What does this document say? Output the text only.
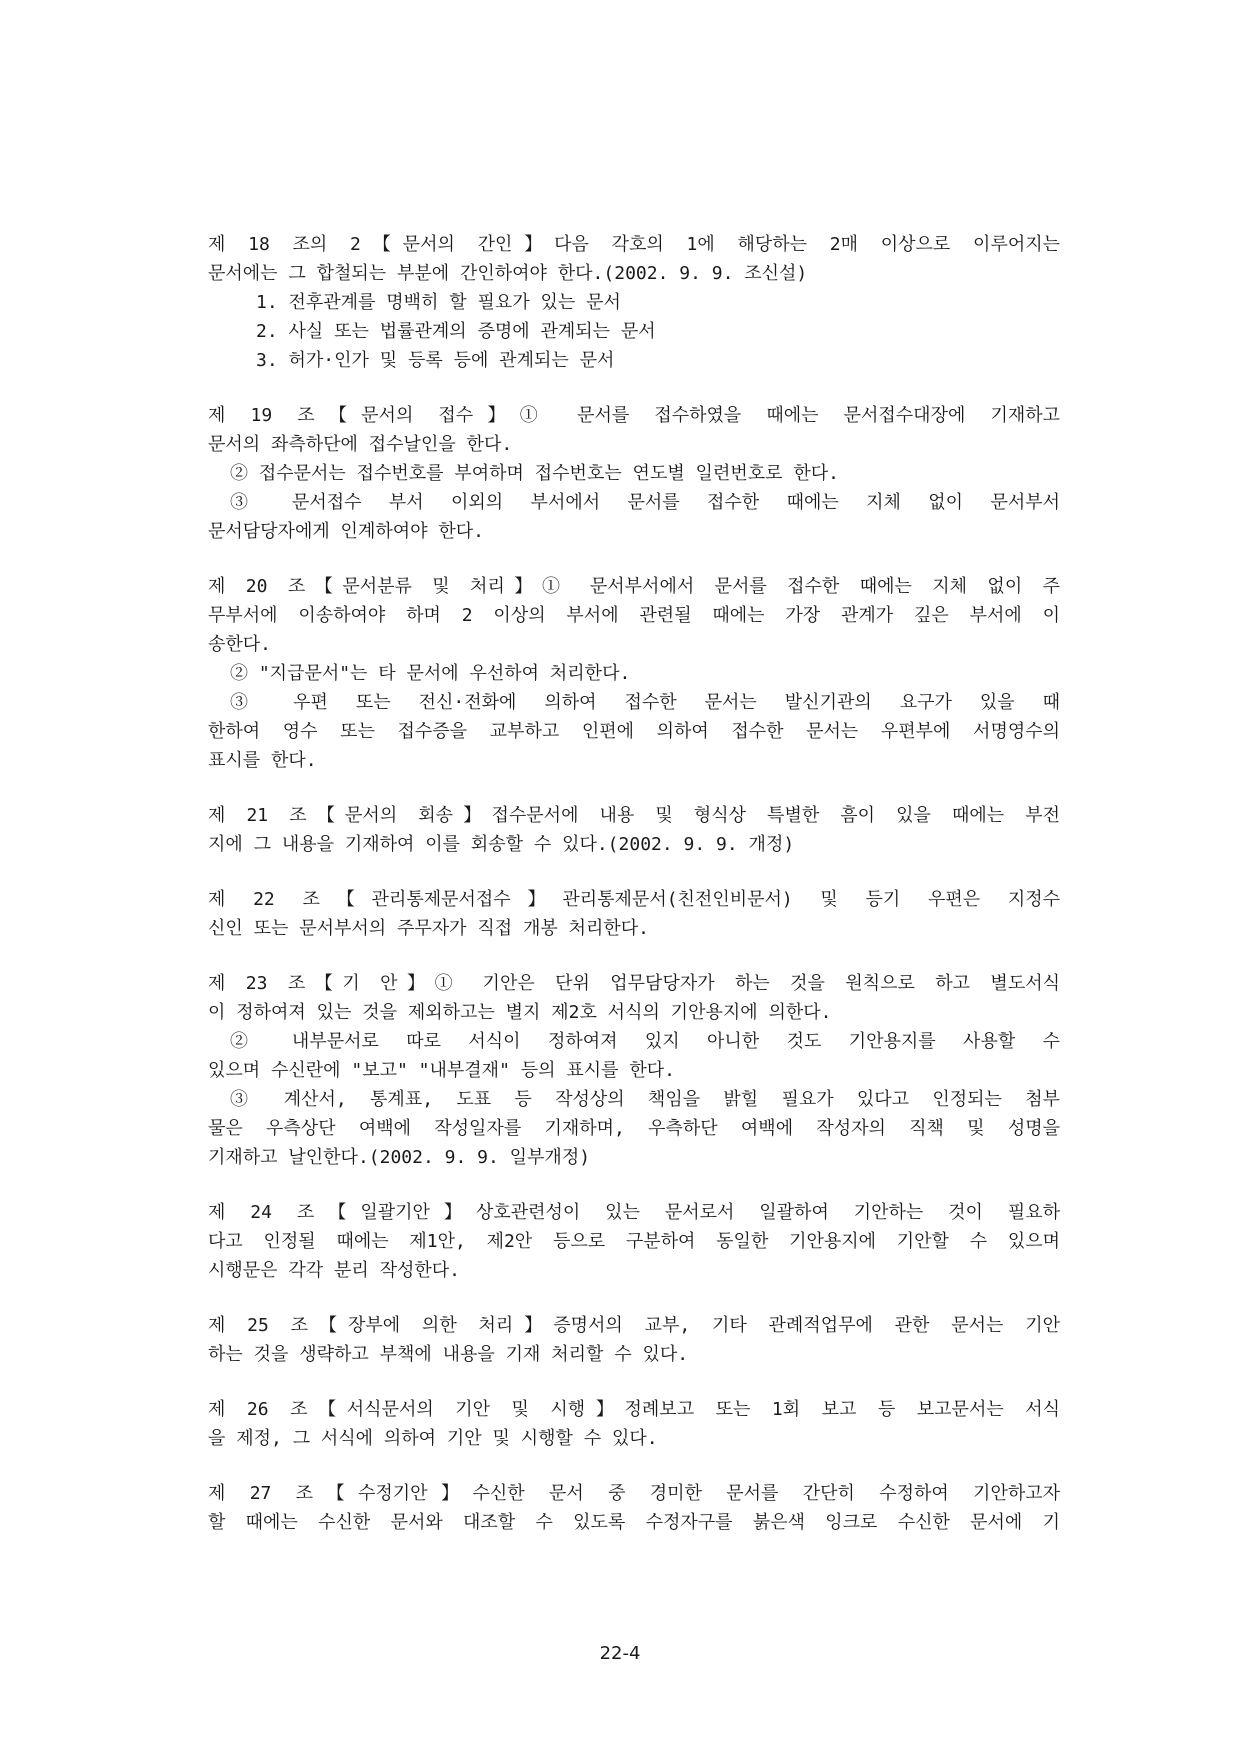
제 18 조의 2【문서의 간인】다음 각호의 1에 해당하는 2매 이상으로 이루어지는
문서에는 그 합철되는 부분에 간인하여야 한다.(2002. 9. 9. 조신설)
1. 전후관계를 명백히 할 필요가 있는 문서
2. 사실 또는 법률관계의 증명에 관계되는 문서
3. 허가·인가 및 등록 등에 관계되는 문서
제 19 조【문서의 접수】① 문서를 접수하였을 때에는 문서접수대장에 기재하고
문서의 좌측하단에 접수날인을 한다.
② 접수문서는 접수번호를 부여하며 접수번호는 연도별 일련번호로 한다.
③ 문서접수 부서 이외의 부서에서 문서를 접수한 때에는 지체 없이 문서부서
문서담당자에게 인계하여야 한다.
제 20 조【문서분류 및 처리】① 문서부서에서 문서를 접수한 때에는 지체 없이 주
무부서에 이송하여야 하며 2 이상의 부서에 관련될 때에는 가장 관계가 깊은 부서에 이
송한다.
② "지급문서"는 타 문서에 우선하여 처리한다.
③ 우편 또는 전신·전화에 의하여 접수한 문서는 발신기관의 요구가 있을 때
한하여 영수 또는 접수증을 교부하고 인편에 의하여 접수한 문서는 우편부에 서명영수의
표시를 한다.
제 21 조【문서의 회송】접수문서에 내용 및 형식상 특별한 흠이 있을 때에는 부전
지에 그 내용을 기재하여 이를 회송할 수 있다.(2002. 9. 9. 개정)
제 22 조【관리통제문서접수】관리통제문서(친전인비문서) 및 등기 우편은 지정수
신인 또는 문서부서의 주무자가 직접 개봉 처리한다.
제 23 조【기 안】① 기안은 단위 업무담당자가 하는 것을 원칙으로 하고 별도서식
이 정하여져 있는 것을 제외하고는 별지 제2호 서식의 기안용지에 의한다.
② 내부문서로 따로 서식이 정하여져 있지 아니한 것도 기안용지를 사용할 수
있으며 수신란에 "보고" "내부결재" 등의 표시를 한다.
③ 계산서, 통계표, 도표 등 작성상의 책임을 밝힐 필요가 있다고 인정되는 첨부
물은 우측상단 여백에 작성일자를 기재하며, 우측하단 여백에 작성자의 직책 및 성명을
기재하고 날인한다.(2002. 9. 9. 일부개정)
제 24 조【일괄기안】상호관련성이 있는 문서로서 일괄하여 기안하는 것이 필요하
다고 인정될 때에는 제1안, 제2안 등으로 구분하여 동일한 기안용지에 기안할 수 있으며
시행문은 각각 분리 작성한다.
제 25 조【장부에 의한 처리】증명서의 교부, 기타 관례적업무에 관한 문서는 기안
하는 것을 생략하고 부책에 내용을 기재 처리할 수 있다.
제 26 조【서식문서의 기안 및 시행】정례보고 또는 1회 보고 등 보고문서는 서식
을 제정, 그 서식에 의하여 기안 및 시행할 수 있다.
제 27 조【수정기안】수신한 문서 중 경미한 문서를 간단히 수정하여 기안하고자
할 때에는 수신한 문서와 대조할 수 있도록 수정자구를 붉은색 잉크로 수신한 문서에 기
22-4
